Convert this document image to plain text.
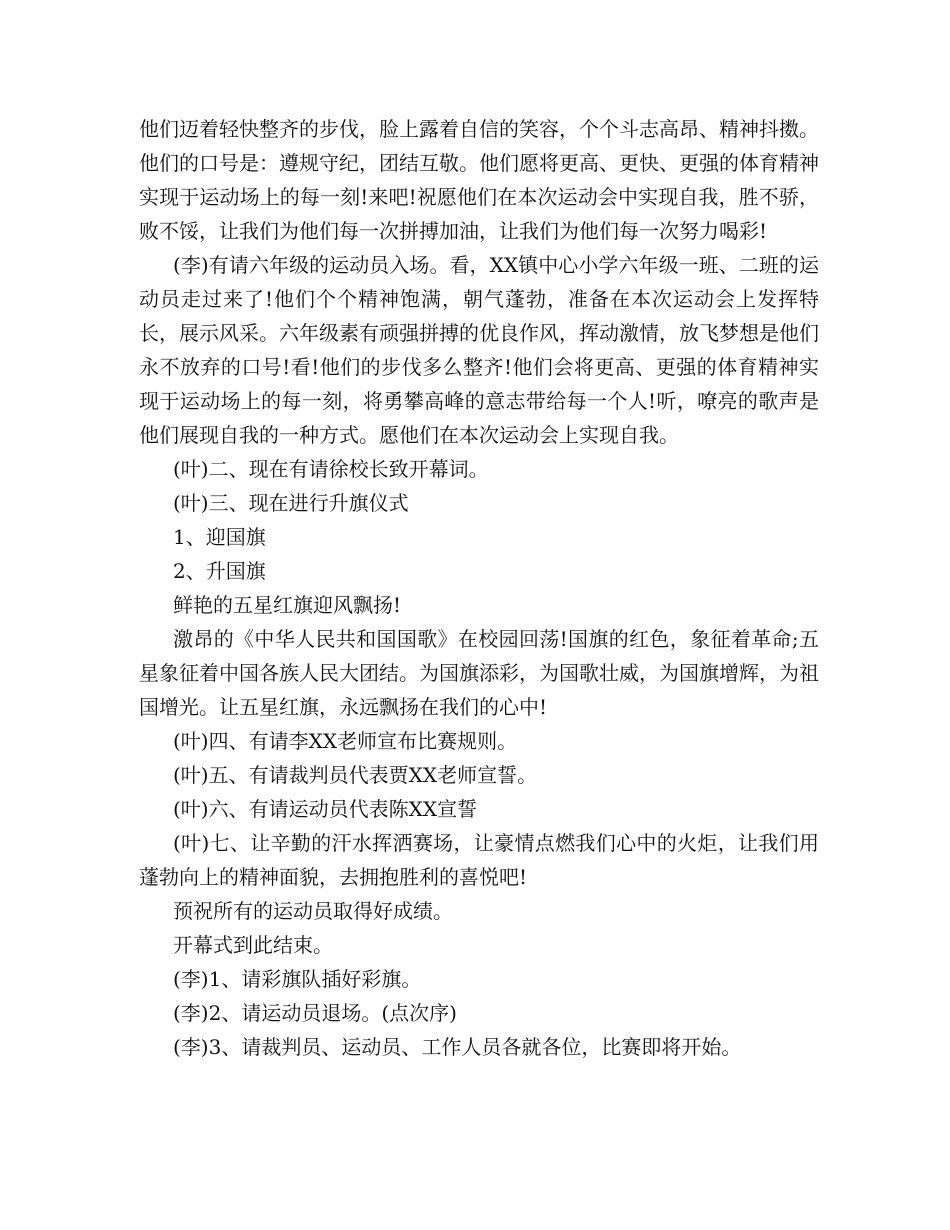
他们迈着轻快整齐的步伐，脸上露着自信的笑容，个个斗志高昂、精神抖擞。他们的口号是：遵规守纪，团结互敬。他们愿将更高、更快、更强的体育精神实现于运动场上的每一刻!来吧!祝愿他们在本次运动会中实现自我，胜不骄，败不馁，让我们为他们每一次拼搏加油，让我们为他们每一次努力喝彩!

(李)有请六年级的运动员入场。看，XX镇中心小学六年级一班、二班的运动员走过来了!他们个个精神饱满，朝气蓬勃，准备在本次运动会上发挥特长，展示风采。六年级素有顽强拼搏的优良作风，挥动激情，放飞梦想是他们永不放弃的口号!看!他们的步伐多么整齐!他们会将更高、更强的体育精神实现于运动场上的每一刻，将勇攀高峰的意志带给每一个人!听，嘹亮的歌声是他们展现自我的一种方式。愿他们在本次运动会上实现自我。

(叶)二、现在有请徐校长致开幕词。

(叶)三、现在进行升旗仪式

1、迎国旗

2、升国旗

鲜艳的五星红旗迎风飘扬!

激昂的《中华人民共和国国歌》在校园回荡!国旗的红色，象征着革命;五星象征着中国各族人民大团结。为国旗添彩，为国歌壮威，为国旗增辉，为祖国增光。让五星红旗，永远飘扬在我们的心中!

(叶)四、有请李XX老师宣布比赛规则。

(叶)五、有请裁判员代表贾XX老师宣誓。

(叶)六、有请运动员代表陈XX宣誓

(叶)七、让辛勤的汗水挥洒赛场，让豪情点燃我们心中的火炬，让我们用蓬勃向上的精神面貌，去拥抱胜利的喜悦吧!

预祝所有的运动员取得好成绩。

开幕式到此结束。

(李)1、请彩旗队插好彩旗。

(李)2、请运动员退场。(点次序)

(李)3、请裁判员、运动员、工作人员各就各位，比赛即将开始。
